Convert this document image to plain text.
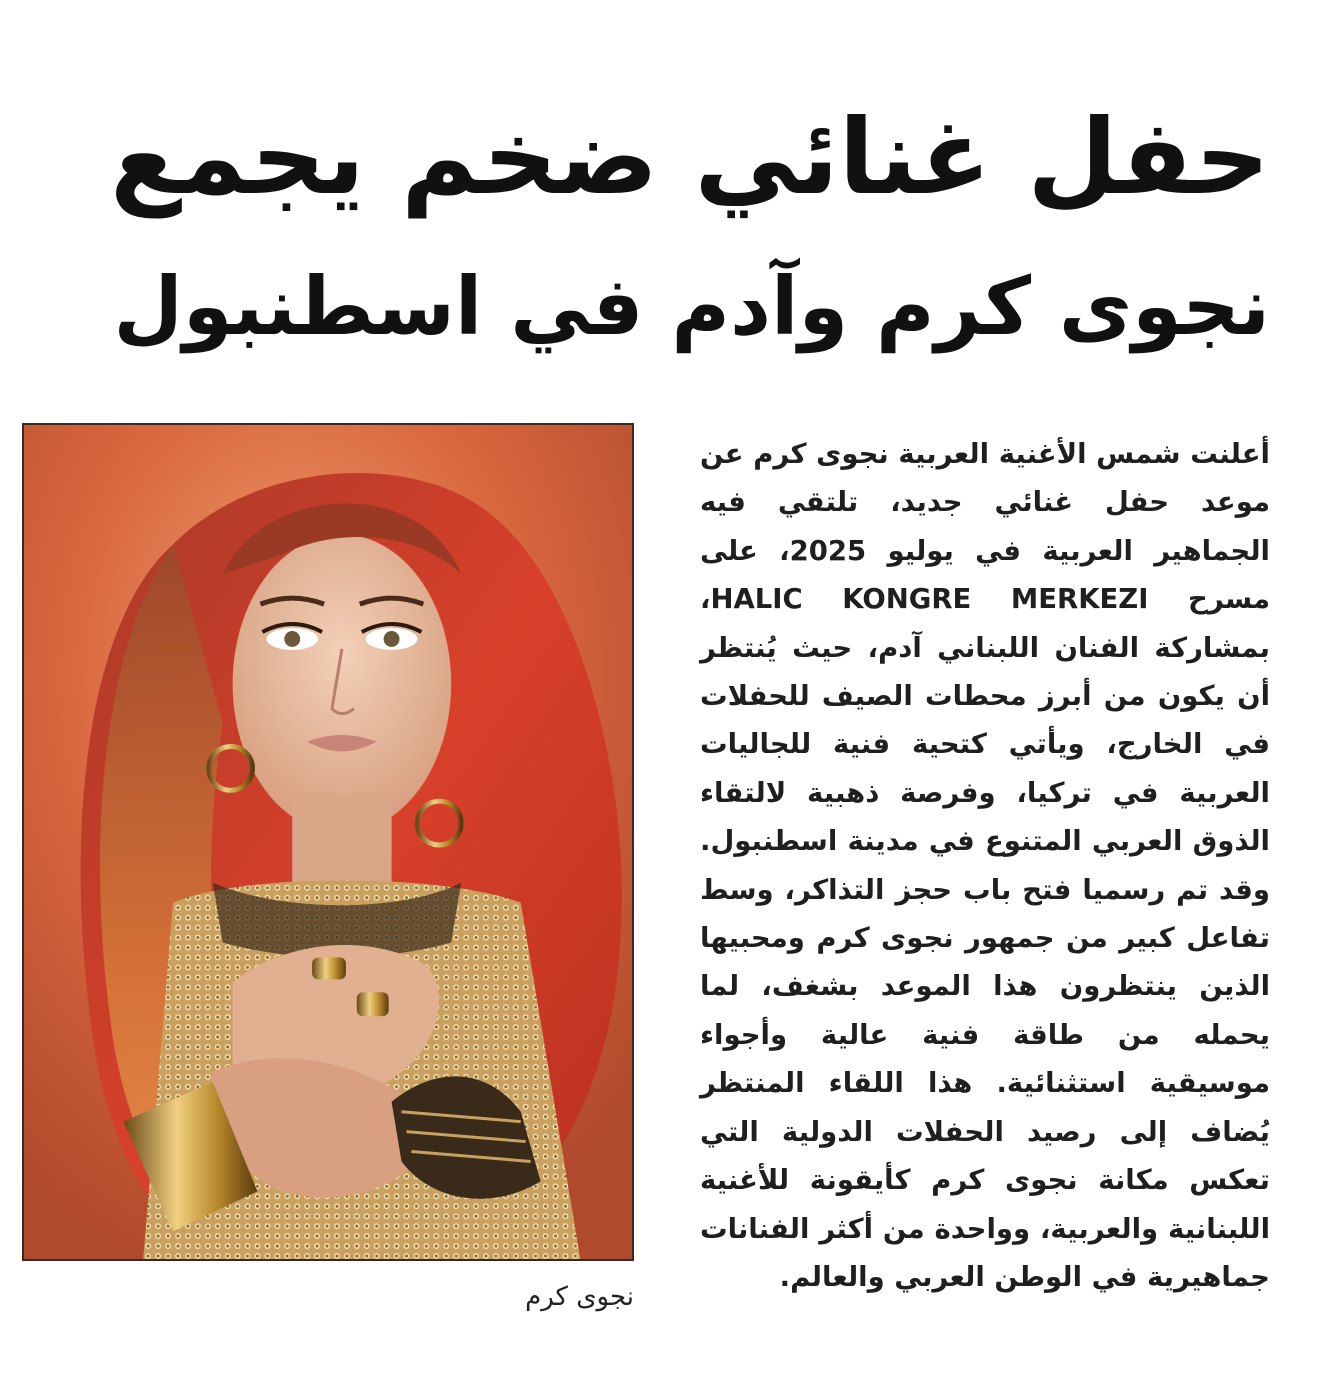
حفل غنائي ضخم يجمع
نجوى كرم وآدم في اسطنبول
نجوى كرم
أعلنت شمس الأغنية العربية نجوى كرم عن موعد حفل غنائي جديد، تلتقي فيه الجماهير العربية في يوليو 2025، على مسرح HALIC KONGRE MERKEZI، بمشاركة الفنان اللبناني آدم، حيث يُنتظر أن يكون من أبرز محطات الصيف للحفلات في الخارج، ويأتي كتحية فنية للجاليات العربية في تركيا، وفرصة ذهبية لالتقاء الذوق العربي المتنوع في مدينة اسطنبول. وقد تم رسميا فتح باب حجز التذاكر، وسط تفاعل كبير من جمهور نجوى كرم ومحبيها الذين ينتظرون هذا الموعد بشغف، لما يحمله من طاقة فنية عالية وأجواء موسيقية استثنائية. هذا اللقاء المنتظر يُضاف إلى رصيد الحفلات الدولية التي تعكس مكانة نجوى كرم كأيقونة للأغنية اللبنانية والعربية، وواحدة من أكثر الفنانات جماهيرية في الوطن العربي والعالم.
